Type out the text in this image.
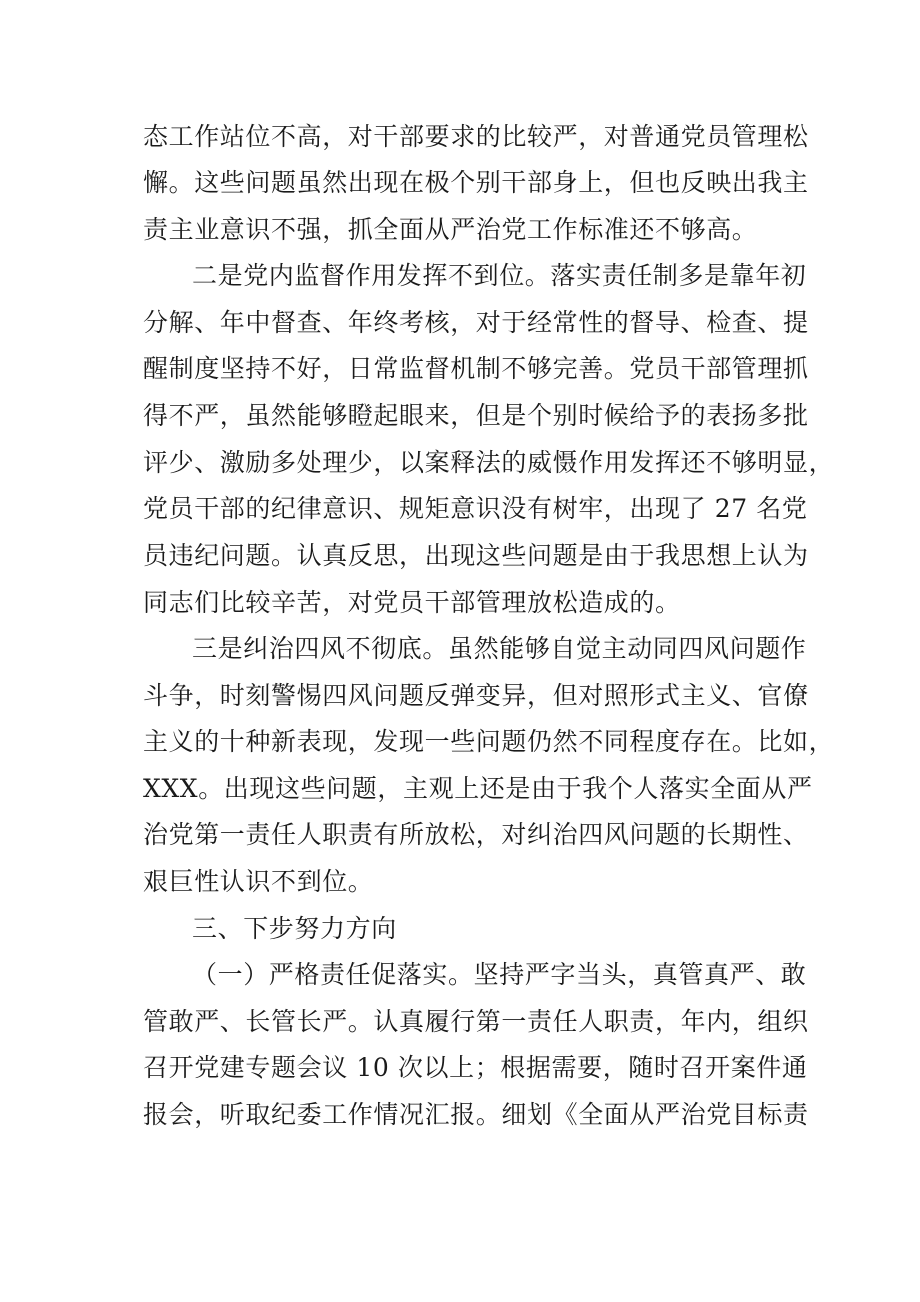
态工作站位不高，对干部要求的比较严，对普通党员管理松
懈。这些问题虽然出现在极个别干部身上，但也反映出我主
责主业意识不强，抓全面从严治党工作标准还不够高。
二是党内监督作用发挥不到位。落实责任制多是靠年初
分解、年中督查、年终考核，对于经常性的督导、检查、提
醒制度坚持不好，日常监督机制不够完善。党员干部管理抓
得不严，虽然能够瞪起眼来，但是个别时候给予的表扬多批
评少、激励多处理少，以案释法的威慑作用发挥还不够明显，
党员干部的纪律意识、规矩意识没有树牢，出现了 27 名党
员违纪问题。认真反思，出现这些问题是由于我思想上认为
同志们比较辛苦，对党员干部管理放松造成的。
三是纠治四风不彻底。虽然能够自觉主动同四风问题作
斗争，时刻警惕四风问题反弹变异，但对照形式主义、官僚
主义的十种新表现，发现一些问题仍然不同程度存在。比如，
XXX。出现这些问题，主观上还是由于我个人落实全面从严
治党第一责任人职责有所放松，对纠治四风问题的长期性、
艰巨性认识不到位。
三、下步努力方向
（一）严格责任促落实。坚持严字当头，真管真严、敢
管敢严、长管长严。认真履行第一责任人职责，年内，组织
召开党建专题会议 10 次以上；根据需要，随时召开案件通
报会，听取纪委工作情况汇报。细划《全面从严治党目标责
